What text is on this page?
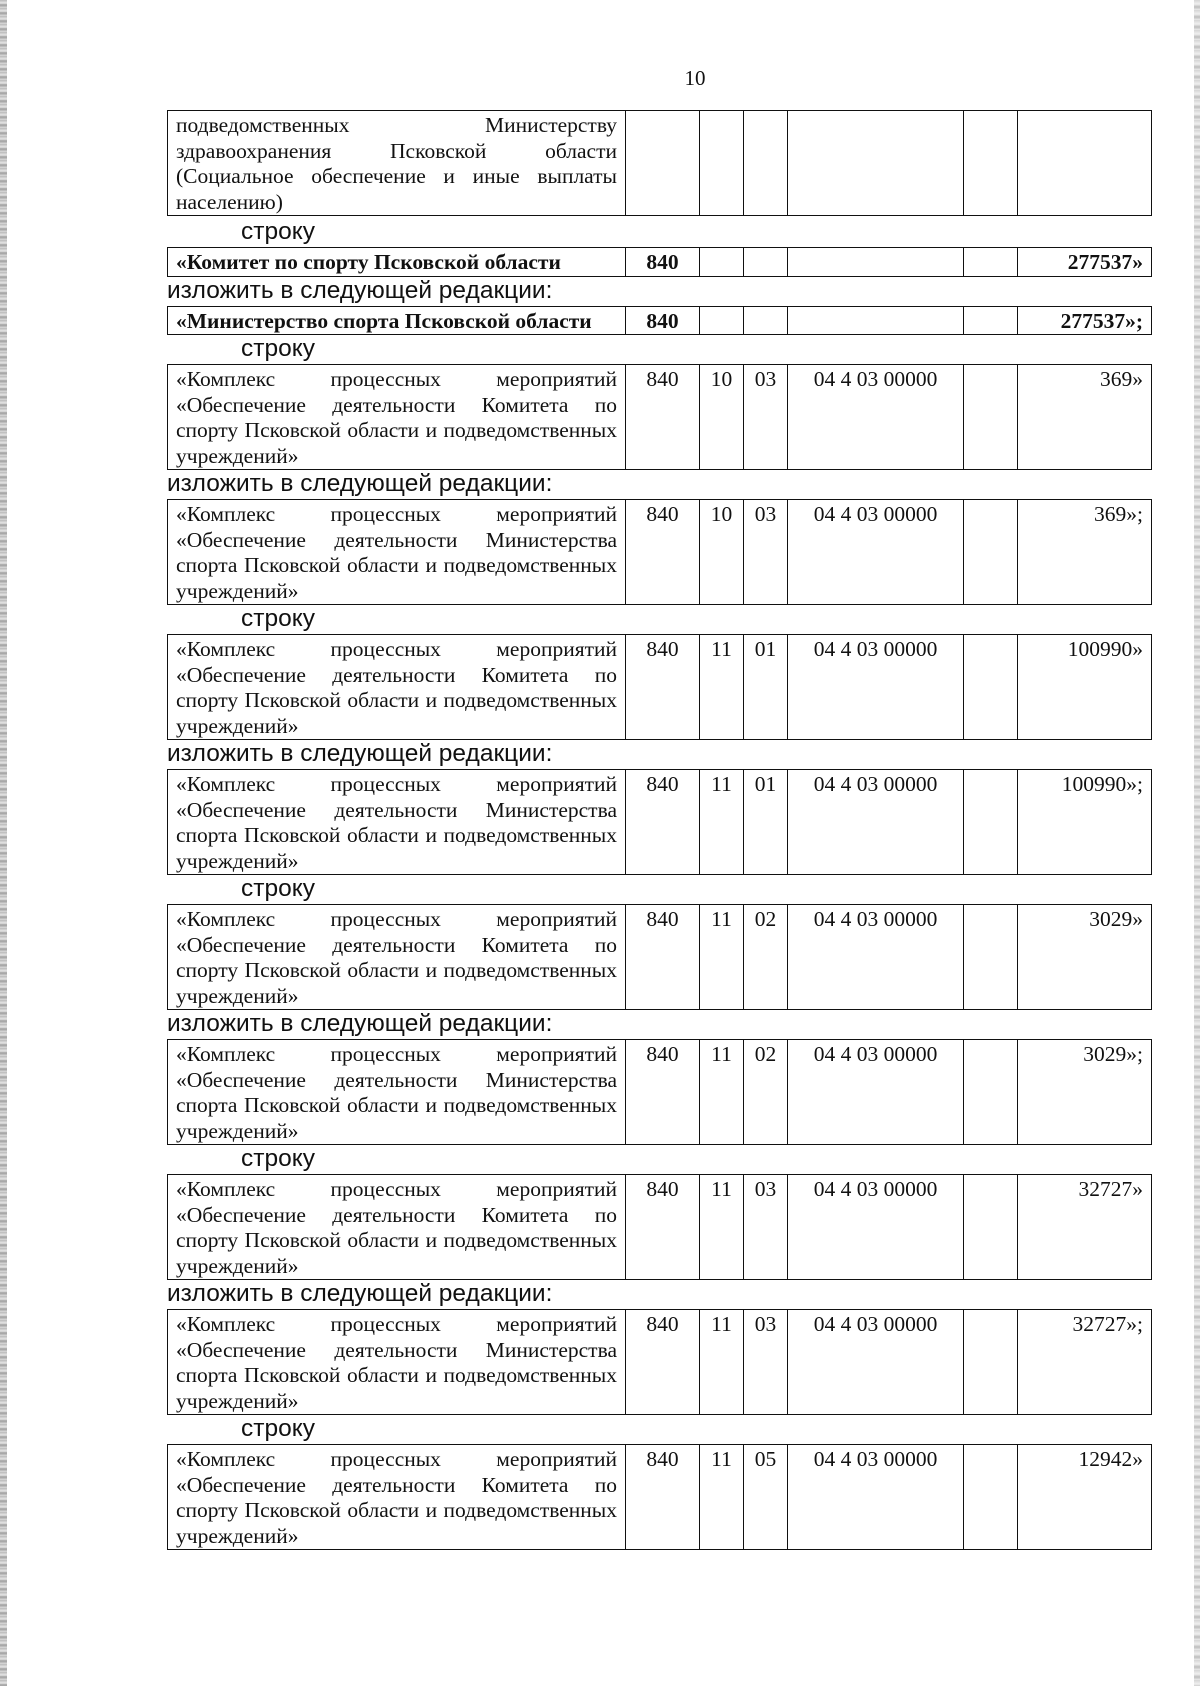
10
подведомственных Министерству здравоохранения Псковской области (Социальное обеспечение и иные выплаты населению)						
строку
«Комитет по спорту Псковской области	840					277537»
изложить в следующей редакции:
«Министерство спорта Псковской области	840					277537»;
строку
«Комплекс процессных мероприятий «Обеспечение деятельности Комитета по спорту Псковской области и подведомственных учреждений»	840	10	03	04 4 03 00000		369»
изложить в следующей редакции:
«Комплекс процессных мероприятий «Обеспечение деятельности Министерства спорта Псковской области и подведомственных учреждений»	840	10	03	04 4 03 00000		369»;
строку
«Комплекс процессных мероприятий «Обеспечение деятельности Комитета по спорту Псковской области и подведомственных учреждений»	840	11	01	04 4 03 00000		100990»
изложить в следующей редакции:
«Комплекс процессных мероприятий «Обеспечение деятельности Министерства спорта Псковской области и подведомственных учреждений»	840	11	01	04 4 03 00000		100990»;
строку
«Комплекс процессных мероприятий «Обеспечение деятельности Комитета по спорту Псковской области и подведомственных учреждений»	840	11	02	04 4 03 00000		3029»
изложить в следующей редакции:
«Комплекс процессных мероприятий «Обеспечение деятельности Министерства спорта Псковской области и подведомственных учреждений»	840	11	02	04 4 03 00000		3029»;
строку
«Комплекс процессных мероприятий «Обеспечение деятельности Комитета по спорту Псковской области и подведомственных учреждений»	840	11	03	04 4 03 00000		32727»
изложить в следующей редакции:
«Комплекс процессных мероприятий «Обеспечение деятельности Министерства спорта Псковской области и подведомственных учреждений»	840	11	03	04 4 03 00000		32727»;
строку
«Комплекс процессных мероприятий «Обеспечение деятельности Комитета по спорту Псковской области и подведомственных учреждений»	840	11	05	04 4 03 00000		12942»
